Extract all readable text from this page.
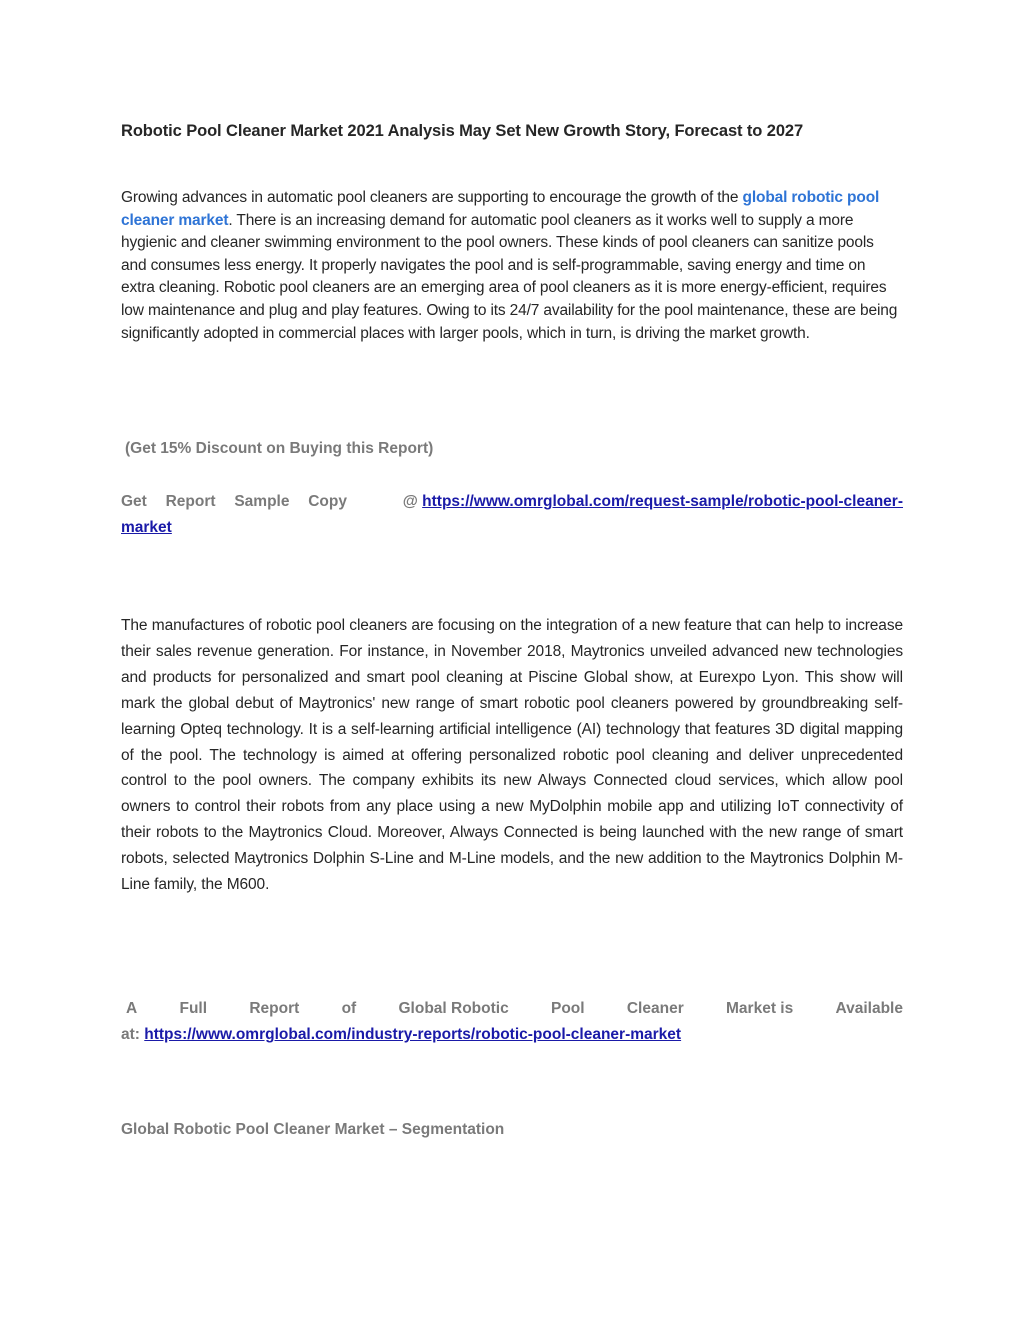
Robotic Pool Cleaner Market 2021 Analysis May Set New Growth Story, Forecast to 2027
Growing advances in automatic pool cleaners are supporting to encourage the growth of the global robotic pool cleaner market. There is an increasing demand for automatic pool cleaners as it works well to supply a more hygienic and cleaner swimming environment to the pool owners. These kinds of pool cleaners can sanitize pools and consumes less energy. It properly navigates the pool and is self-programmable, saving energy and time on extra cleaning. Robotic pool cleaners are an emerging area of pool cleaners as it is more energy-efficient, requires low maintenance and plug and play features. Owing to its 24/7 availability for the pool maintenance, these are being significantly adopted in commercial places with larger pools, which in turn, is driving the market growth.
(Get 15% Discount on Buying this Report)
Get Report Sample Copy	@ https://www.omrglobal.com/request-sample/robotic-pool-cleaner-
market
The manufactures of robotic pool cleaners are focusing on the integration of a new feature that can help to increase their sales revenue generation. For instance, in November 2018, Maytronics unveiled advanced new technologies and products for personalized and smart pool cleaning at Piscine Global show, at Eurexpo Lyon. This show will mark the global debut of Maytronics' new range of smart robotic pool cleaners powered by groundbreaking self-learning Opteq technology. It is a self-learning artificial intelligence (AI) technology that features 3D digital mapping of the pool. The technology is aimed at offering personalized robotic pool cleaning and deliver unprecedented control to the pool owners. The company exhibits its new Always Connected cloud services, which allow pool owners to control their robots from any place using a new MyDolphin mobile app and utilizing IoT connectivity of their robots to the Maytronics Cloud. Moreover, Always Connected is being launched with the new range of smart robots, selected Maytronics Dolphin S-Line and M-Line models, and the new addition to the Maytronics Dolphin M-Line family, the M600.
A	Full	Report	of	Global Robotic	Pool	Cleaner	Market is	Available
at: https://www.omrglobal.com/industry-reports/robotic-pool-cleaner-market
Global Robotic Pool Cleaner Market – Segmentation
